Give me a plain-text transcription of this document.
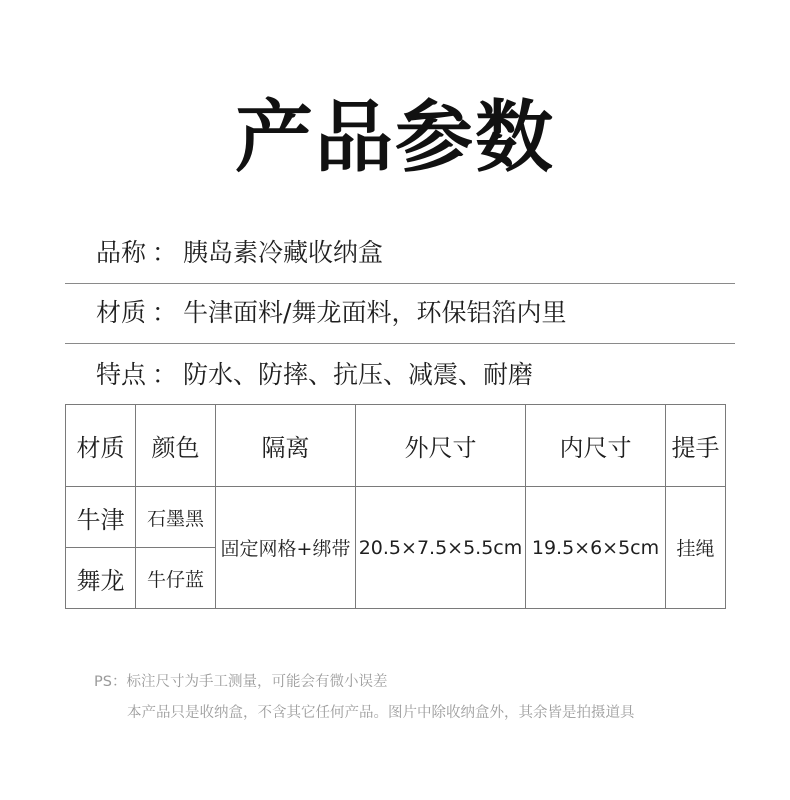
产品参数
品称 ： 胰岛素冷藏收纳盒
材质 ： 牛津面料/舞龙面料，环保铝箔内里
特点 ： 防水、防摔、抗压、减震、耐磨
材质	颜色	隔离	外尺寸	内尺寸	提手
牛津	石墨黑	固定网格+绑带	20.5×7.5×5.5cm	19.5×6×5cm	挂绳
舞龙	牛仔蓝				
PS：标注尺寸为手工测量，可能会有微小误差
本产品只是收纳盒，不含其它任何产品。图片中除收纳盒外，其余皆是拍摄道具
